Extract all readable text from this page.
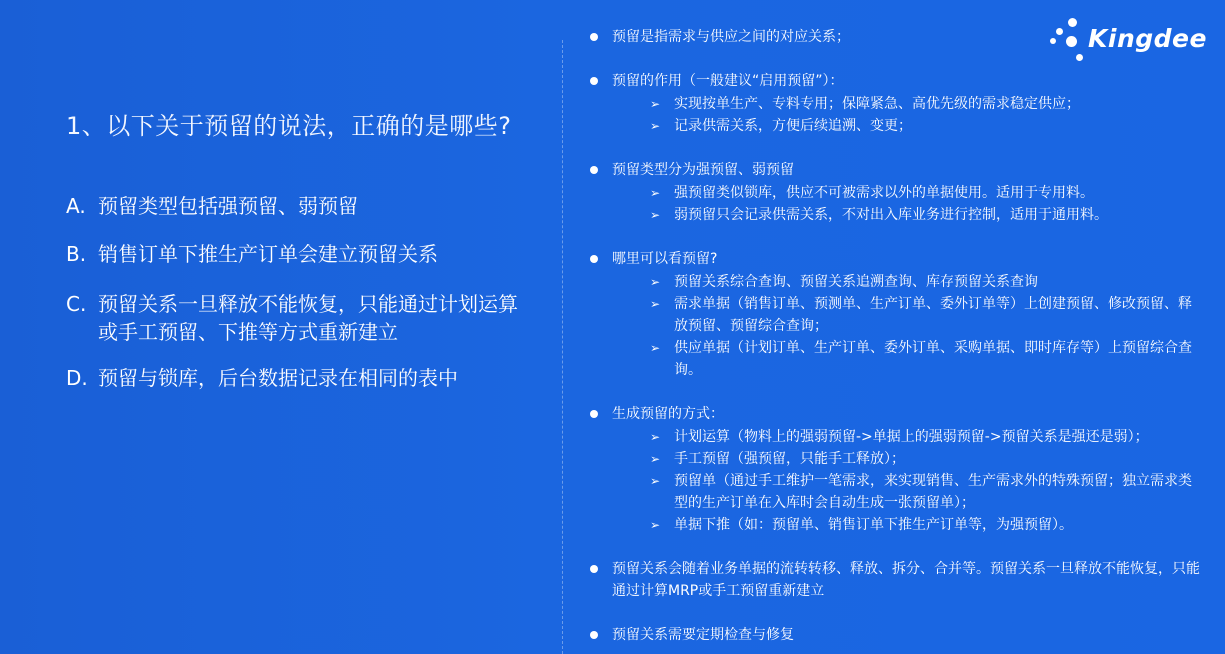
1、以下关于预留的说法，正确的是哪些?
A. 预留类型包括强预留、弱预留
B. 销售订单下推生产订单会建立预留关系
C. 预留关系一旦释放不能恢复，只能通过计划运算或手工预留、下推等方式重新建立
D. 预留与锁库，后台数据记录在相同的表中
Kingdee
预留是指需求与供应之间的对应关系；
预留的作用（一般建议“启用预留”）：
➢ 实现按单生产、专料专用；保障紧急、高优先级的需求稳定供应；
➢ 记录供需关系，方便后续追溯、变更；
预留类型分为强预留、弱预留
➢ 强预留类似锁库，供应不可被需求以外的单据使用。适用于专用料。
➢ 弱预留只会记录供需关系，不对出入库业务进行控制，适用于通用料。
哪里可以看预留?
➢ 预留关系综合查询、预留关系追溯查询、库存预留关系查询
➢ 需求单据（销售订单、预测单、生产订单、委外订单等）上创建预留、修改预留、释放预留、预留综合查询；
➢ 供应单据（计划订单、生产订单、委外订单、采购单据、即时库存等）上预留综合查询。
生成预留的方式：
➢ 计划运算（物料上的强弱预留->单据上的强弱预留->预留关系是强还是弱）；
➢ 手工预留（强预留，只能手工释放）；
➢ 预留单（通过手工维护一笔需求，来实现销售、生产需求外的特殊预留；独立需求类型的生产订单在入库时会自动生成一张预留单）；
➢ 单据下推（如：预留单、销售订单下推生产订单等，为强预留）。
预留关系会随着业务单据的流转转移、释放、拆分、合并等。预留关系一旦释放不能恢复，只能通过计算MRP或手工预留重新建立
预留关系需要定期检查与修复
